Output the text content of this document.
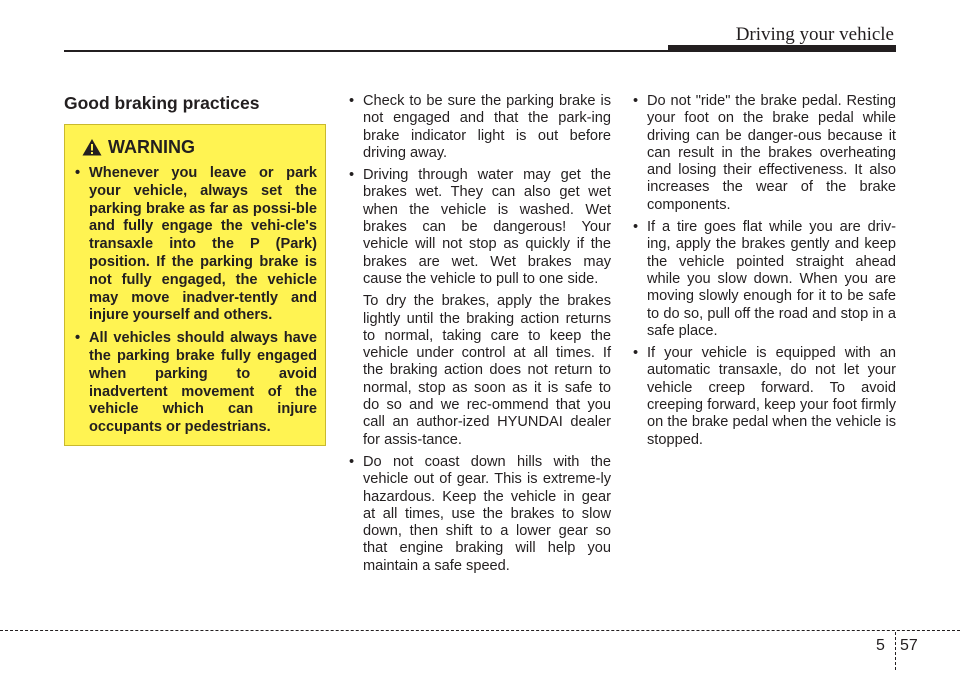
Driving your vehicle
Good braking practices
WARNING
• Whenever you leave or park your vehicle, always set the parking brake as far as possi-ble and fully engage the vehi-cle's transaxle into the P (Park) position. If the parking brake is not fully engaged, the vehicle may move inadver-tently and injure yourself and others.
• All vehicles should always have the parking brake fully engaged when parking to avoid inadvertent movement of the vehicle which can injure occupants or pedestrians.

• Check to be sure the parking brake is not engaged and that the park-ing brake indicator light is out before driving away.

• Driving through water may get the brakes wet. They can also get wet when the vehicle is washed. Wet brakes can be dangerous! Your vehicle will not stop as quickly if the brakes are wet. Wet brakes may cause the vehicle to pull to one side.

To dry the brakes, apply the brakes lightly until the braking action returns to normal, taking care to keep the vehicle under control at all times. If the braking action does not return to normal, stop as soon as it is safe to do so and we rec-ommend that you call an author-ized HYUNDAI dealer for assis-tance.

• Do not coast down hills with the vehicle out of gear. This is extreme-ly hazardous. Keep the vehicle in gear at all times, use the brakes to slow down, then shift to a lower gear so that engine braking will help you maintain a safe speed.

• Do not "ride" the brake pedal. Resting your foot on the brake pedal while driving can be danger-ous because it can result in the brakes overheating and losing their effectiveness. It also increases the wear of the brake components.

• If a tire goes flat while you are driv-ing, apply the brakes gently and keep the vehicle pointed straight ahead while you slow down. When you are moving slowly enough for it to be safe to do so, pull off the road and stop in a safe place.

• If your vehicle is equipped with an automatic transaxle, do not let your vehicle creep forward. To avoid creeping forward, keep your foot firmly on the brake pedal when the vehicle is stopped.

5 57
